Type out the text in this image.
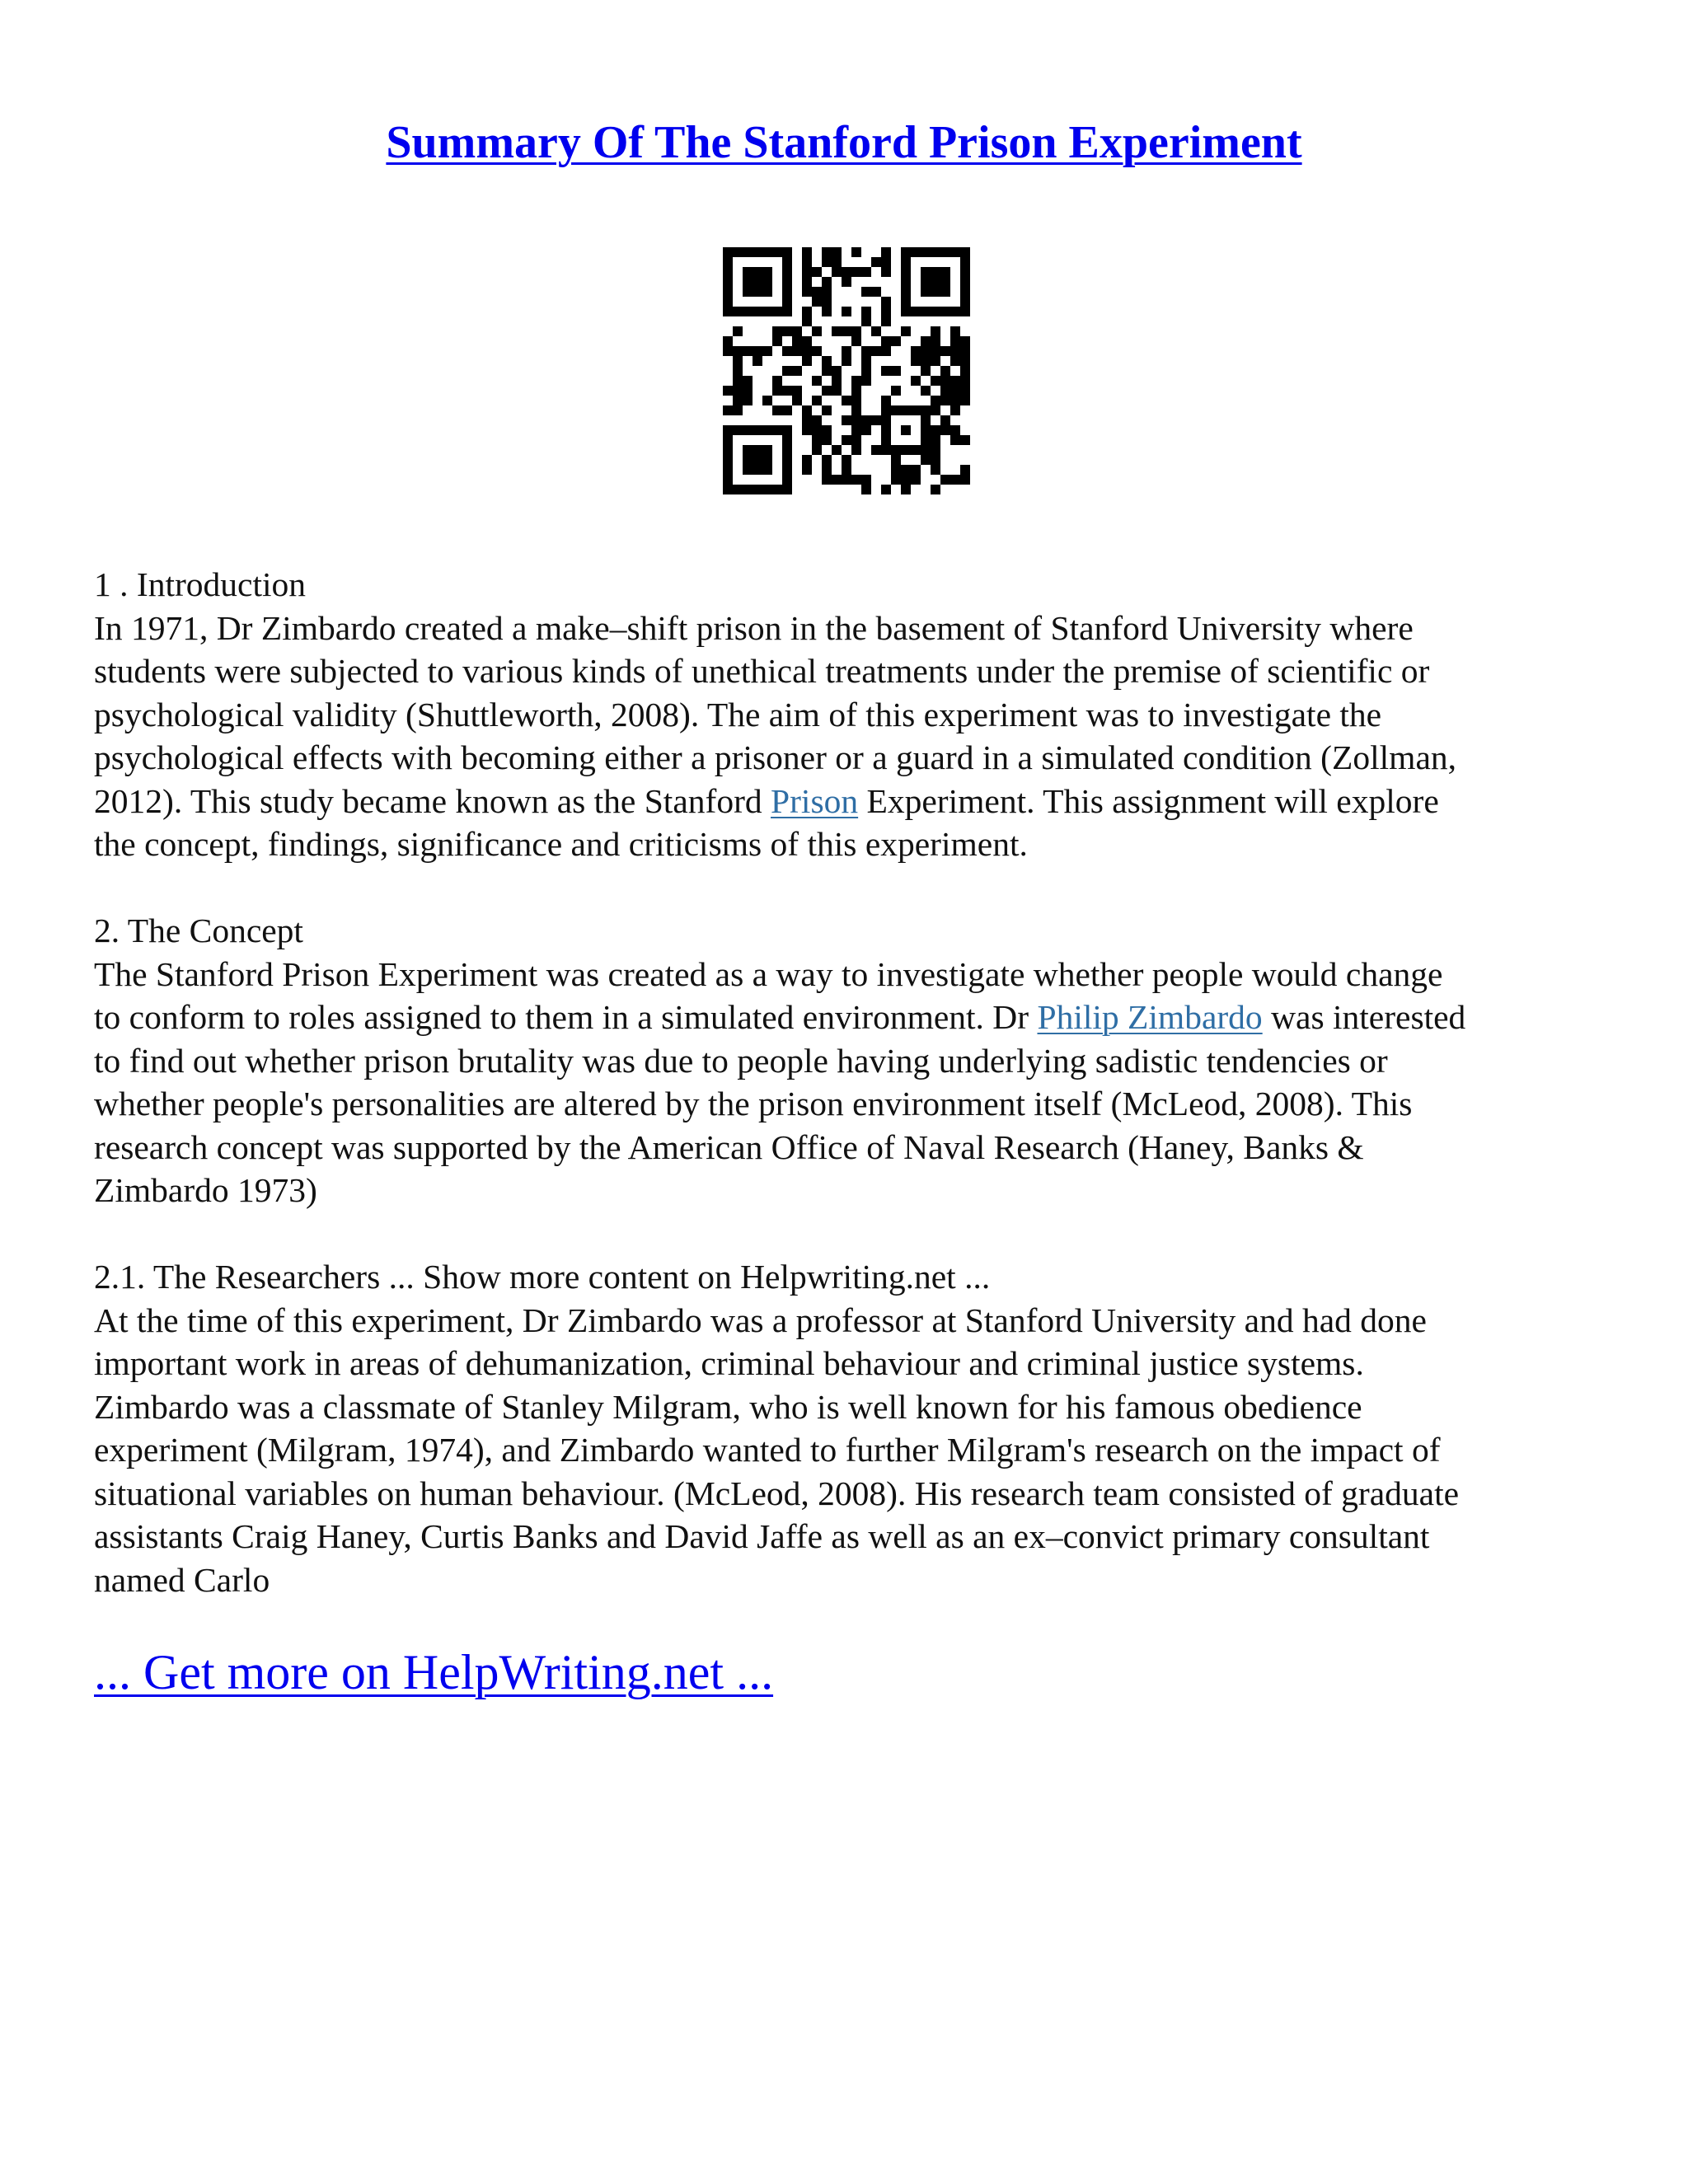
Summary Of The Stanford Prison Experiment
1 . Introduction
In 1971, Dr Zimbardo created a make–shift prison in the basement of Stanford University where
students were subjected to various kinds of unethical treatments under the premise of scientific or
psychological validity (Shuttleworth, 2008). The aim of this experiment was to investigate the
psychological effects with becoming either a prisoner or a guard in a simulated condition (Zollman,
2012). This study became known as the Stanford Prison Experiment. This assignment will explore
the concept, findings, significance and criticisms of this experiment.
2. The Concept
The Stanford Prison Experiment was created as a way to investigate whether people would change
to conform to roles assigned to them in a simulated environment. Dr Philip Zimbardo was interested
to find out whether prison brutality was due to people having underlying sadistic tendencies or
whether people's personalities are altered by the prison environment itself (McLeod, 2008). This
research concept was supported by the American Office of Naval Research (Haney, Banks &
Zimbardo 1973)
2.1. The Researchers ... Show more content on Helpwriting.net ...
At the time of this experiment, Dr Zimbardo was a professor at Stanford University and had done
important work in areas of dehumanization, criminal behaviour and criminal justice systems.
Zimbardo was a classmate of Stanley Milgram, who is well known for his famous obedience
experiment (Milgram, 1974), and Zimbardo wanted to further Milgram's research on the impact of
situational variables on human behaviour. (McLeod, 2008). His research team consisted of graduate
assistants Craig Haney, Curtis Banks and David Jaffe as well as an ex–convict primary consultant
named Carlo
... Get more on HelpWriting.net ...
